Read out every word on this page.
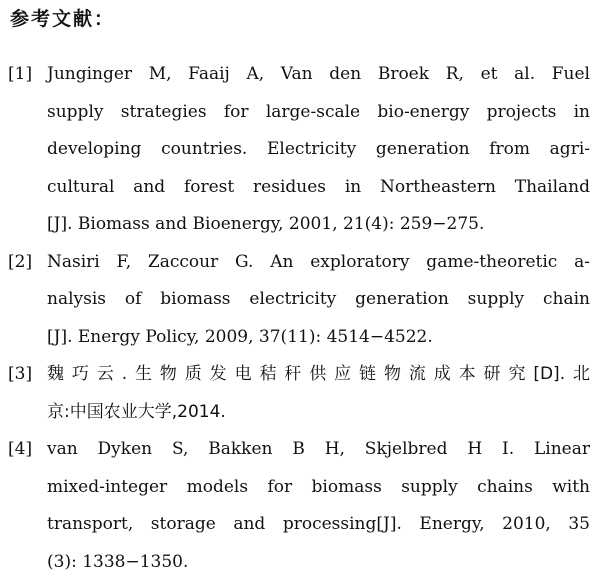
参考文献：
[1] Junginger M, Faaij A, Van den Broek R, et al. Fuel
supply strategies for large-scale bio-energy projects in
developing countries. Electricity generation from agri-
cultural and forest residues in Northeastern Thailand
[J]. Biomass and Bioenergy, 2001, 21(4): 259−275.
[2] Nasiri F, Zaccour G. An exploratory game-theoretic a-
nalysis of biomass electricity generation supply chain
[J]. Energy Policy, 2009, 37(11): 4514−4522.
[3] 魏巧云.生物质发电秸秆供应链物流成本研究[D].北
京:中国农业大学,2014.
[4] van Dyken S, Bakken B H, Skjelbred H I. Linear
mixed-integer models for biomass supply chains with
transport, storage and processing[J]. Energy, 2010, 35
(3): 1338−1350.
